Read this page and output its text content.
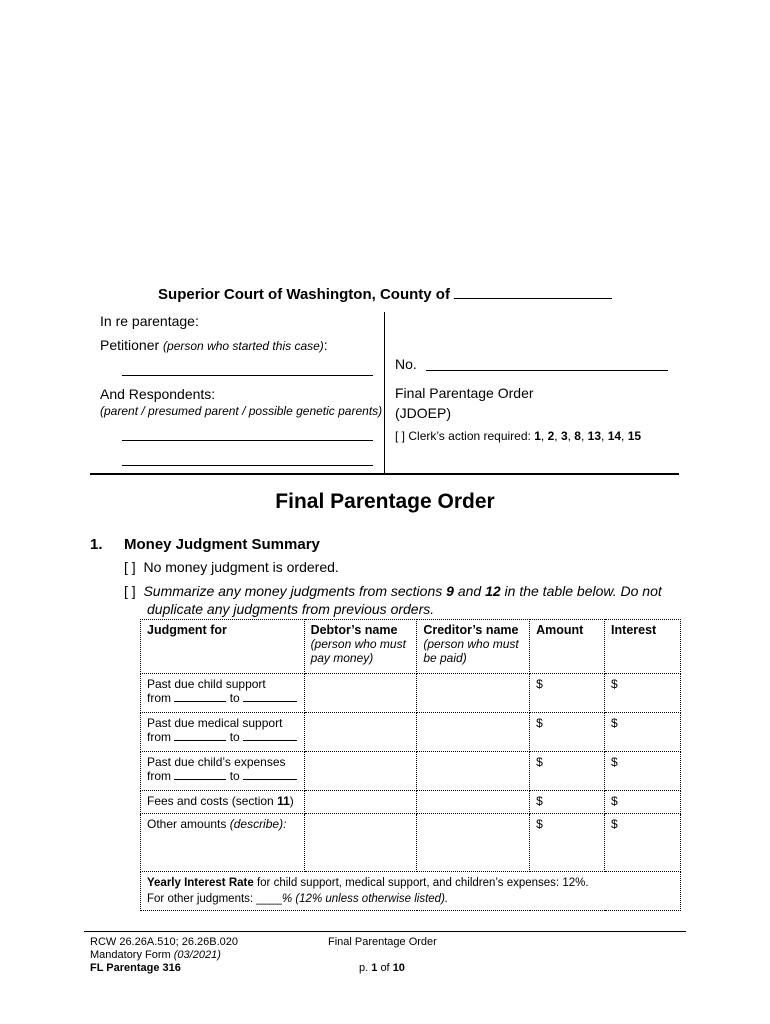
Superior Court of Washington, County of
In re parentage:
Petitioner (person who started this case):
And Respondents:
(parent / presumed parent / possible genetic parents)
No.
Final Parentage Order
(JDOEP)
[ ] Clerk’s action required: 1, 2, 3, 8, 13, 14, 15
Final Parentage Order
1. Money Judgment Summary
[ ] No money judgment is ordered.
[ ] Summarize any money judgments from sections 9 and 12 in the table below. Do not
duplicate any judgments from previous orders.
Judgment for	Debtor’s name
(person who must
pay money)	Creditor’s name
(person who must
be paid)	Amount	Interest
Past due child support
from to			$	$
Past due medical support
from to			$	$
Past due child’s expenses
from to			$	$
Fees and costs (section 11)			$	$
Other amounts (describe):			$	$
Yearly Interest Rate for child support, medical support, and children’s expenses: 12%.
For other judgments: ____% (12% unless otherwise listed).				
RCW 26.26A.510; 26.26B.020
Mandatory Form (03/2021)
FL Parentage 316
Final Parentage Order
p. 1 of 10
